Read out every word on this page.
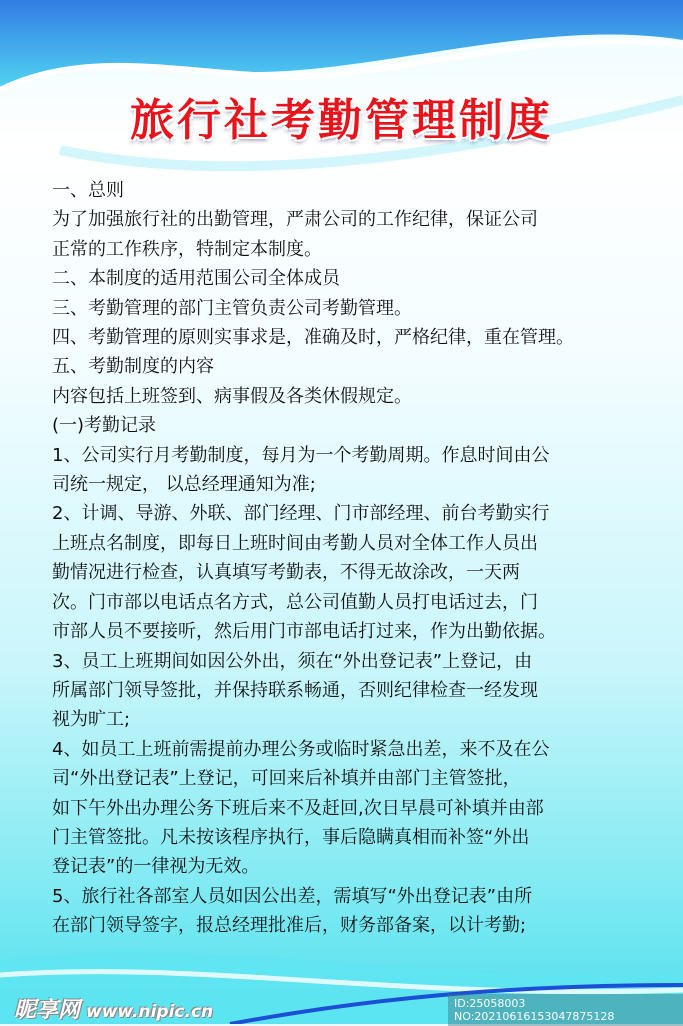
旅行社考勤管理制度
一、总则
为了加强旅行社的出勤管理，严肃公司的工作纪律，保证公司
正常的工作秩序，特制定本制度。
二、本制度的适用范围公司全体成员
三、考勤管理的部门主管负责公司考勤管理。
四、考勤管理的原则实事求是，准确及时，严格纪律，重在管理。
五、考勤制度的内容
内容包括上班签到、病事假及各类休假规定。
(一)考勤记录
1、公司实行月考勤制度，每月为一个考勤周期。作息时间由公
司统一规定， 以总经理通知为准;
2、计调、导游、外联、部门经理、门市部经理、前台考勤实行
上班点名制度，即每日上班时间由考勤人员对全体工作人员出
勤情况进行检查，认真填写考勤表，不得无故涂改，一天两
次。门市部以电话点名方式，总公司值勤人员打电话过去，门
市部人员不要接听，然后用门市部电话打过来，作为出勤依据。
3、员工上班期间如因公外出，须在“外出登记表”上登记，由
所属部门领导签批，并保持联系畅通，否则纪律检查一经发现
视为旷工;
4、如员工上班前需提前办理公务或临时紧急出差，来不及在公
司“外出登记表”上登记，可回来后补填并由部门主管签批，
如下午外出办理公务下班后来不及赶回,次日早晨可补填并由部
门主管签批。凡未按该程序执行，事后隐瞒真相而补签“外出
登记表”的一律视为无效。
5、旅行社各部室人员如因公出差，需填写“外出登记表”由所
在部门领导签字，报总经理批准后，财务部备案，以计考勤;
昵享网 www.nipic.cn	ID:25058003 NO:20210616153047875128
